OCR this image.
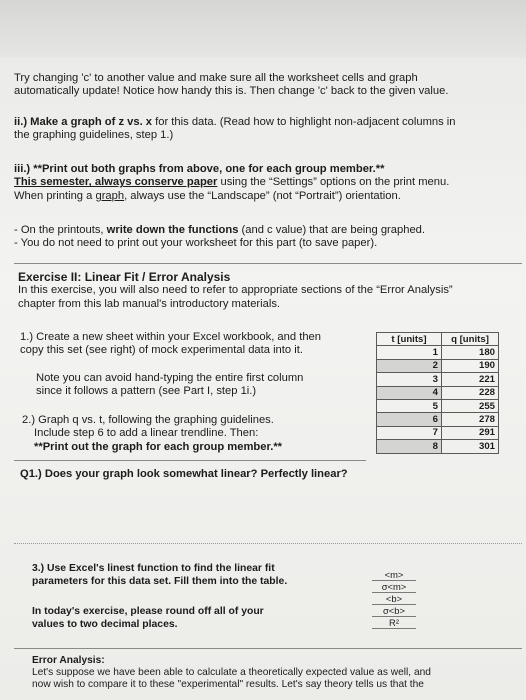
Try changing 'c' to another value and make sure all the worksheet cells and graph
automatically update! Notice how handy this is. Then change 'c' back to the given value.
ii.) Make a graph of z vs. x for this data. (Read how to highlight non-adjacent columns in
the graphing guidelines, step 1.)
iii.) **Print out both graphs from above, one for each group member.**
This semester, always conserve paper using the “Settings” options on the print menu.
When printing a graph, always use the “Landscape” (not “Portrait”) orientation.
- On the printouts, write down the functions (and c value) that are being graphed.
- You do not need to print out your worksheet for this part (to save paper).
Exercise II: Linear Fit / Error Analysis
In this exercise, you will also need to refer to appropriate sections of the “Error Analysis”
chapter from this lab manual's introductory materials.
1.) Create a new sheet within your Excel workbook, and then
copy this set (see right) of mock experimental data into it.
Note you can avoid hand-typing the entire first column
since it follows a pattern (see Part I, step 1i.)
2.) Graph q vs. t, following the graphing guidelines.
Include step 6 to add a linear trendline. Then:
**Print out the graph for each group member.**
Q1.) Does your graph look somewhat linear? Perfectly linear?
t [units]	q [units]
1	180
2	190
3	221
4	228
5	255
6	278
7	291
8	301
3.) Use Excel's linest function to find the linear fit
parameters for this data set. Fill them into the table.
In today's exercise, please round off all of your
values to two decimal places.
<m>
σ<m>
<b>
σ<b>
R²
Error Analysis:
Let's suppose we have been able to calculate a theoretically expected value as well, and
now wish to compare it to these "experimental" results. Let's say theory tells us that the
